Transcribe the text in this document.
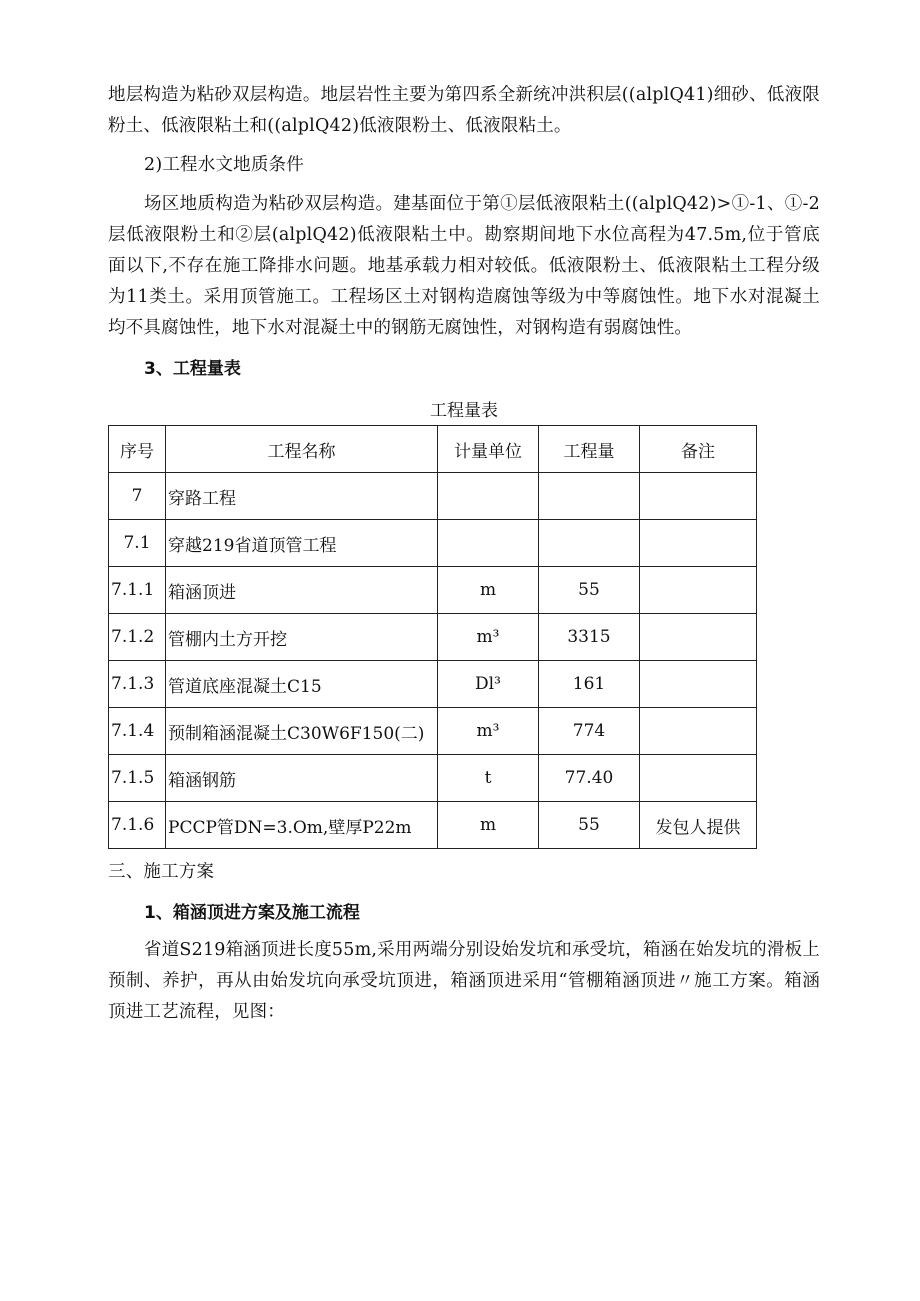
地层构造为粘砂双层构造。地层岩性主要为第四系全新统冲洪积层((alplQ41)细砂、低液限粉土、低液限粘土和((alplQ42)低液限粉土、低液限粘土。

2)工程水文地质条件

场区地质构造为粘砂双层构造。建基面位于第①层低液限粘土((alplQ42)>①-1、①-2层低液限粉土和②层(alplQ42)低液限粘土中。勘察期间地下水位高程为47.5m,位于管底面以下,不存在施工降排水问题。地基承载力相对较低。低液限粉土、低液限粘土工程分级为11类土。采用顶管施工。工程场区土对钢构造腐蚀等级为中等腐蚀性。地下水对混凝土均不具腐蚀性，地下水对混凝土中的钢筋无腐蚀性，对钢构造有弱腐蚀性。

3、工程量表

工程量表
序号	工程名称	计量单位	工程量	备注
7	穿路工程			
7.1	穿越219省道顶管工程			
7.1.1	箱涵顶进	m	55	
7.1.2	管棚内土方开挖	m³	3315	
7.1.3	管道底座混凝土C15	Dl³	161	
7.1.4	预制箱涵混凝土C30W6F150(二)	m³	774	
7.1.5	箱涵钢筋	t	77.40	
7.1.6	PCCP管DN=3.Om,壁厚P22m	m	55	发包人提供

三、施工方案

1、箱涵顶进方案及施工流程

省道S219箱涵顶进长度55m,采用两端分别设始发坑和承受坑，箱涵在始发坑的滑板上预制、养护，再从由始发坑向承受坑顶进，箱涵顶进采用“管棚箱涵顶进〃施工方案。箱涵顶进工艺流程，见图：
